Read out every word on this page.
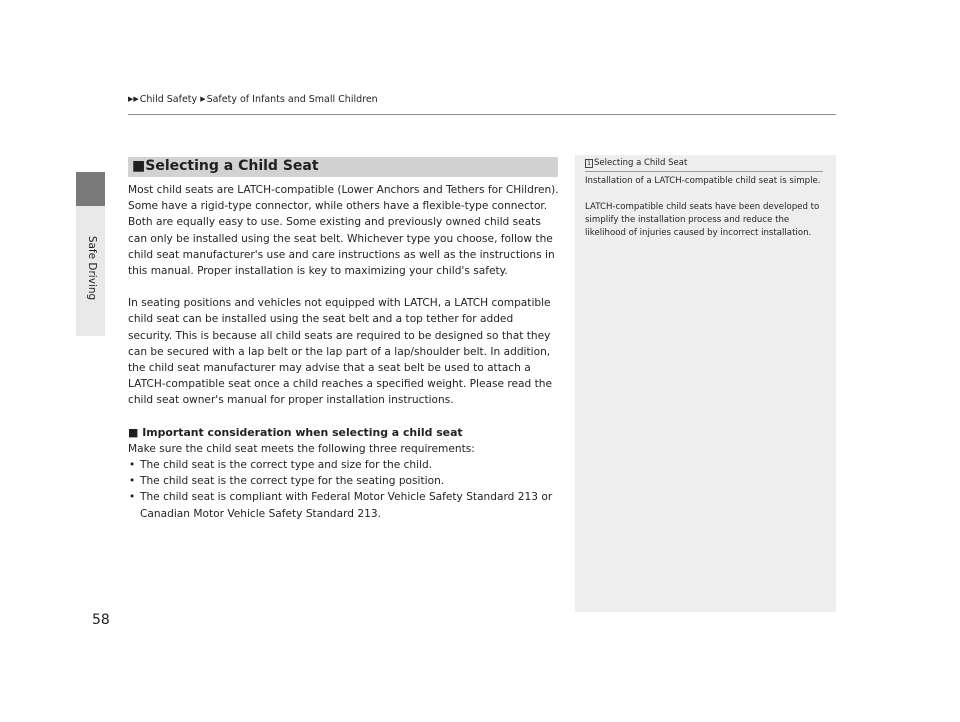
Safe Driving
▶▶Child Safety ▶Safety of Infants and Small Children
■Selecting a Child Seat

Most child seats are LATCH-compatible (Lower Anchors and Tethers for CHildren). Some have a rigid-type connector, while others have a flexible-type connector. Both are equally easy to use. Some existing and previously owned child seats can only be installed using the seat belt. Whichever type you choose, follow the child seat manufacturer's use and care instructions as well as the instructions in this manual. Proper installation is key to maximizing your child's safety.

In seating positions and vehicles not equipped with LATCH, a LATCH compatible child seat can be installed using the seat belt and a top tether for added security. This is because all child seats are required to be designed so that they can be secured with a lap belt or the lap part of a lap/shoulder belt. In addition, the child seat manufacturer may advise that a seat belt be used to attach a LATCH-compatible seat once a child reaches a specified weight. Please read the child seat owner's manual for proper installation instructions.

■ Important consideration when selecting a child seat

Make sure the child seat meets the following three requirements:

• The child seat is the correct type and size for the child.
• The child seat is the correct type for the seating position.
• The child seat is compliant with Federal Motor Vehicle Safety Standard 213 or Canadian Motor Vehicle Safety Standard 213.
1 Selecting a Child Seat

Installation of a LATCH-compatible child seat is simple.

LATCH-compatible child seats have been developed to simplify the installation process and reduce the likelihood of injuries caused by incorrect installation.

58
